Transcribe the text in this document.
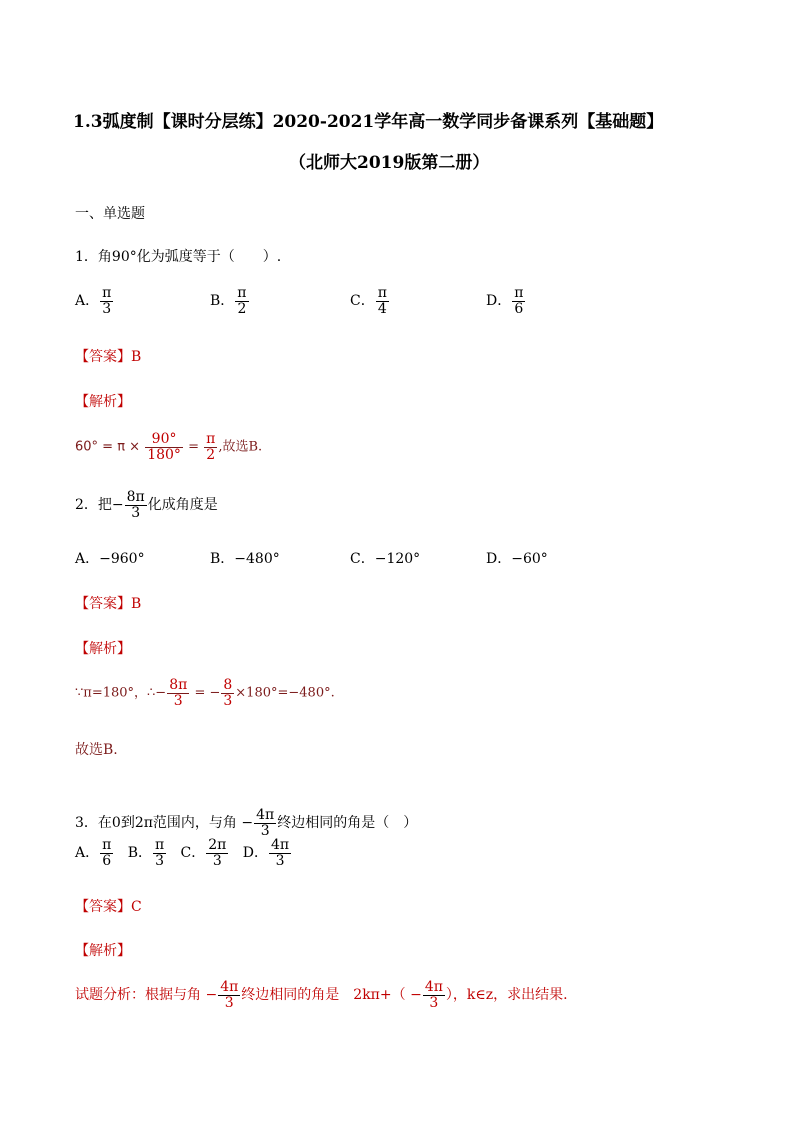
1.3弧度制【课时分层练】2020-2021学年高一数学同步备课系列【基础题】
（北师大2019版第二册）
一、单选题
1．角90°化为弧度等于（　　）.
A． $\frac{\pi}{3}$	B． $\frac{\pi}{2}$	C． $\frac{\pi}{4}$	D． $\frac{\pi}{6}$
【答案】B
【解析】
$60^\circ = \pi \times \frac{90^\circ}{180^\circ} = \frac{\pi}{2}$ ,故选B.
2．把− $\frac{8\pi}{3}$ 化成角度是
A．−960°	B．−480°	C．−120°	D．−60°
【答案】B
【解析】
∵π=180°，∴− $\frac{8\pi}{3}$ = − $\frac{8}{3} \times 180^\circ=-480^\circ$.
故选B.
3．在0到2π范围内，与角 − $\frac{4\pi}{3}$ 终边相同的角是（　）
A． $\frac{\pi}{6}$ B． $\frac{\pi}{3}$ C． $\frac{2\pi}{3}$ D． $\frac{4\pi}{3}$
【答案】C
【解析】
试题分析：根据与角 − $\frac{4\pi}{3}$ 终边相同的角是　$2k\pi+( - \frac{4\pi}{3}$ ），k∈z，求出结果.
